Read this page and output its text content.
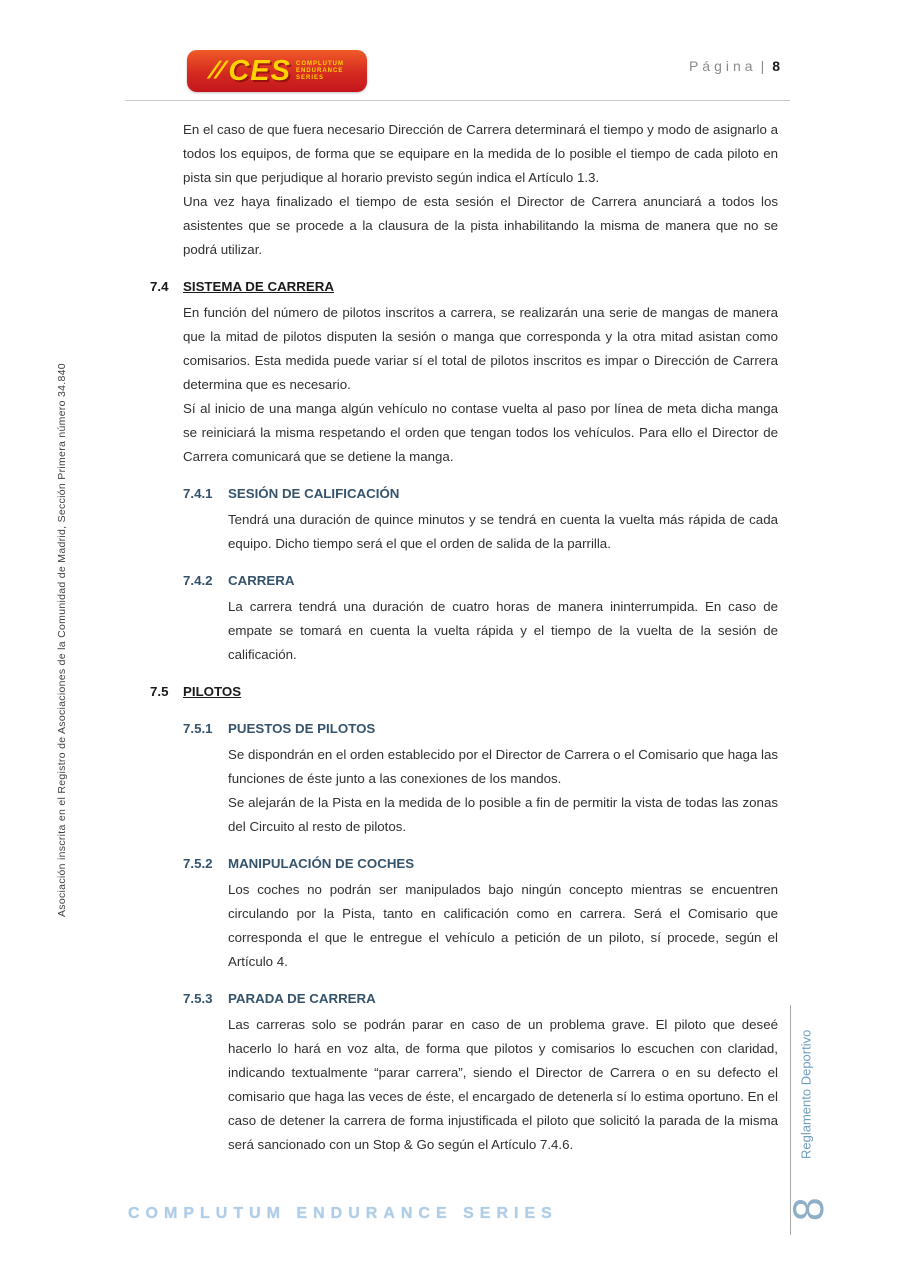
// CES COMPLUTUM
ENDURANCE
SERIES
Página | 8
Asociación inscrita en el Registro de Asociaciones de la Comunidad de Madrid, Sección Primera número 34.840

En el caso de que fuera necesario Dirección de Carrera determinará el tiempo y modo de asignarlo a todos los equipos, de forma que se equipare en la medida de lo posible el tiempo de cada piloto en pista sin que perjudique al horario previsto según indica el Artículo 1.3.

Una vez haya finalizado el tiempo de esta sesión el Director de Carrera anunciará a todos los asistentes que se procede a la clausura de la pista inhabilitando la misma de manera que no se podrá utilizar.

7.4	SISTEMA DE CARRERA

En función del número de pilotos inscritos a carrera, se realizarán una serie de mangas de manera que la mitad de pilotos disputen la sesión o manga que corresponda y la otra mitad asistan como comisarios. Esta medida puede variar sí el total de pilotos inscritos es impar o Dirección de Carrera determina que es necesario.

Sí al inicio de una manga algún vehículo no contase vuelta al paso por línea de meta dicha manga se reiniciará la misma respetando el orden que tengan todos los vehículos. Para ello el Director de Carrera comunicará que se detiene la manga.

7.4.1	SESIÓN DE CALIFICACIÓN

Tendrá una duración de quince minutos y se tendrá en cuenta la vuelta más rápida de cada equipo. Dicho tiempo será el que el orden de salida de la parrilla.

7.4.2	CARRERA

La carrera tendrá una duración de cuatro horas de manera ininterrumpida. En caso de empate se tomará en cuenta la vuelta rápida y el tiempo de la vuelta de la sesión de calificación.

7.5	PILOTOS
7.5.1	PUESTOS DE PILOTOS

Se dispondrán en el orden establecido por el Director de Carrera o el Comisario que haga las funciones de éste junto a las conexiones de los mandos.

Se alejarán de la Pista en la medida de lo posible a fin de permitir la vista de todas las zonas del Circuito al resto de pilotos.

7.5.2	MANIPULACIÓN DE COCHES

Los coches no podrán ser manipulados bajo ningún concepto mientras se encuentren circulando por la Pista, tanto en calificación como en carrera. Será el Comisario que corresponda el que le entregue el vehículo a petición de un piloto, sí procede, según el Artículo 4.

7.5.3	PARADA DE CARRERA

Las carreras solo se podrán parar en caso de un problema grave. El piloto que deseé hacerlo lo hará en voz alta, de forma que pilotos y comisarios lo escuchen con claridad, indicando textualmente “parar carrera”, siendo el Director de Carrera o en su defecto el comisario que haga las veces de éste, el encargado de detenerla sí lo estima oportuno. En el caso de detener la carrera de forma injustificada el piloto que solicitó la parada de la misma será sancionado con un Stop & Go según el Artículo 7.4.6.	Reglamento Deportivo
8
COMPLUTUM ENDURANCE SERIES
